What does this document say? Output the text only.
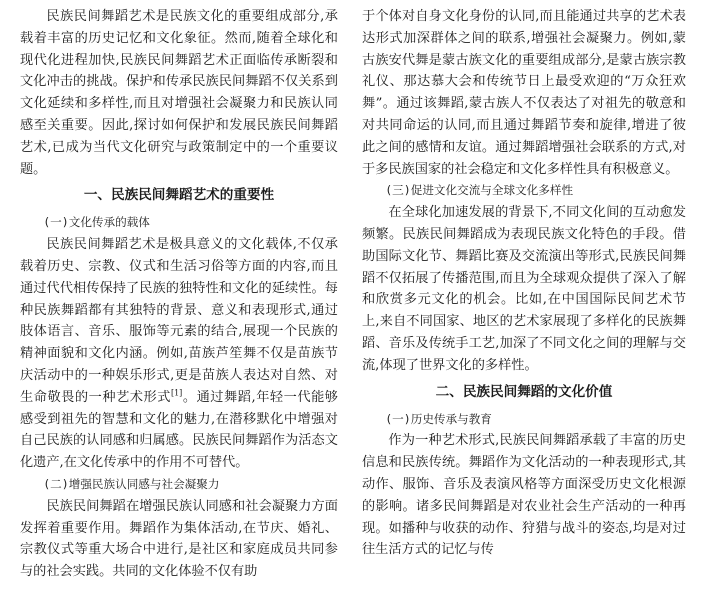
民族民间舞蹈艺术是民族文化的重要组成部分,承载着丰富的历史记忆和文化象征。然而,随着全球化和现代化进程加快,民族民间舞蹈艺术正面临传承断裂和文化冲击的挑战。保护和传承民族民间舞蹈不仅关系到文化延续和多样性,而且对增强社会凝聚力和民族认同感至关重要。因此,探讨如何保护和发展民族民间舞蹈艺术,已成为当代文化研究与政策制定中的一个重要议题。

一、民族民间舞蹈艺术的重要性
(一)文化传承的载体

民族民间舞蹈艺术是极具意义的文化载体,不仅承载着历史、宗教、仪式和生活习俗等方面的内容,而且通过代代相传保持了民族的独特性和文化的延续性。每种民族舞蹈都有其独特的背景、意义和表现形式,通过肢体语言、音乐、服饰等元素的结合,展现一个民族的精神面貌和文化内涵。例如,苗族芦笙舞不仅是苗族节庆活动中的一种娱乐形式,更是苗族人表达对自然、对生命敬畏的一种艺术形式[1]。通过舞蹈,年轻一代能够感受到祖先的智慧和文化的魅力,在潜移默化中增强对自己民族的认同感和归属感。民族民间舞蹈作为活态文化遗产,在文化传承中的作用不可替代。

(二)增强民族认同感与社会凝聚力

民族民间舞蹈在增强民族认同感和社会凝聚力方面发挥着重要作用。舞蹈作为集体活动,在节庆、婚礼、宗教仪式等重大场合中进行,是社区和家庭成员共同参与的社会实践。共同的文化体验不仅有助

于个体对自身文化身份的认同,而且能通过共享的艺术表达形式加深群体之间的联系,增强社会凝聚力。例如,蒙古族安代舞是蒙古族文化的重要组成部分,是蒙古族宗教礼仪、那达慕大会和传统节日上最受欢迎的“万众狂欢舞”。通过该舞蹈,蒙古族人不仅表达了对祖先的敬意和对共同命运的认同,而且通过舞蹈节奏和旋律,增进了彼此之间的感情和友谊。通过舞蹈增强社会联系的方式,对于多民族国家的社会稳定和文化多样性具有积极意义。

(三)促进文化交流与全球文化多样性

在全球化加速发展的背景下,不同文化间的互动愈发频繁。民族民间舞蹈成为表现民族文化特色的手段。借助国际文化节、舞蹈比赛及交流演出等形式,民族民间舞蹈不仅拓展了传播范围,而且为全球观众提供了深入了解和欣赏多元文化的机会。比如,在中国国际民间艺术节上,来自不同国家、地区的艺术家展现了多样化的民族舞蹈、音乐及传统手工艺,加深了不同文化之间的理解与交流,体现了世界文化的多样性。

二、民族民间舞蹈的文化价值
(一)历史传承与教育

作为一种艺术形式,民族民间舞蹈承载了丰富的历史信息和民族传统。舞蹈作为文化活动的一种表现形式,其动作、服饰、音乐及表演风格等方面深受历史文化根源的影响。诸多民间舞蹈是对农业社会生产活动的一种再现。如播种与收获的动作、狩猎与战斗的姿态,均是对过往生活方式的记忆与传
